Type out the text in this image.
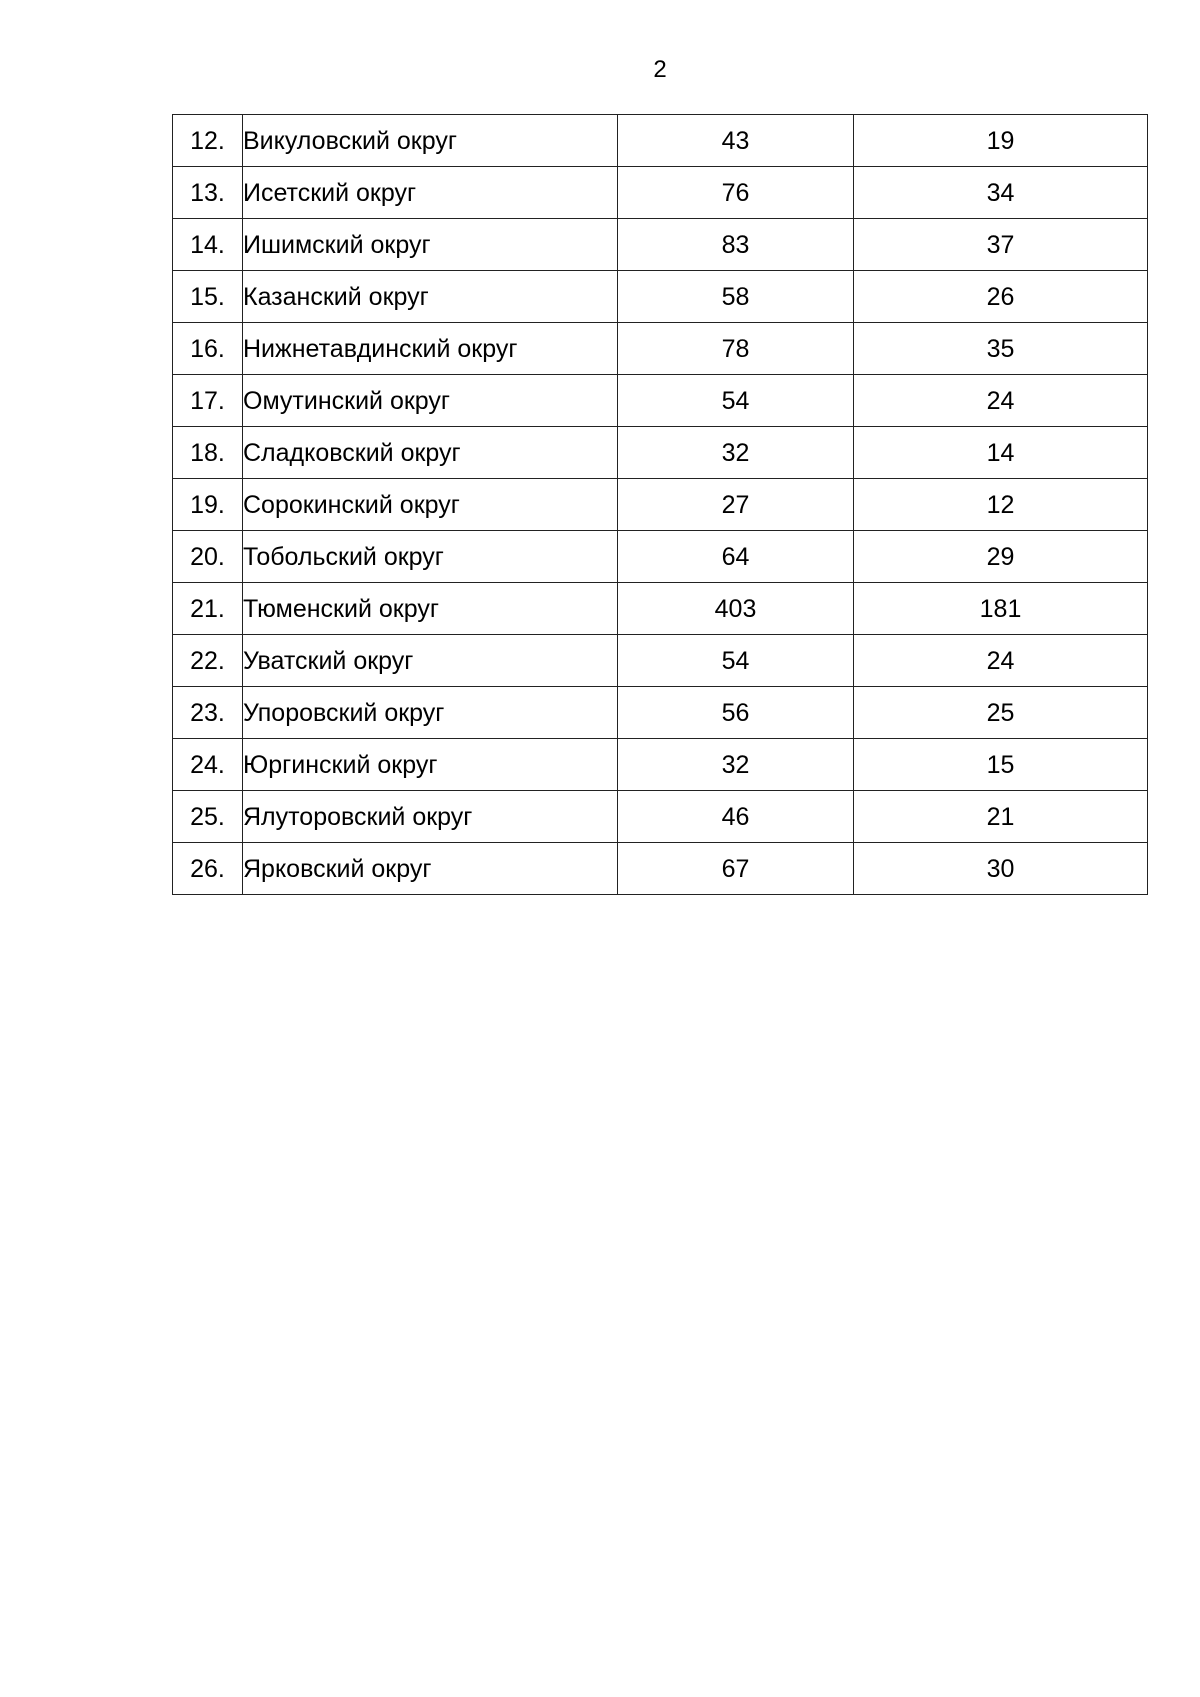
2
12.	Викуловский округ	43	19
13.	Исетский округ	76	34
14.	Ишимский округ	83	37
15.	Казанский округ	58	26
16.	Нижнетавдинский округ	78	35
17.	Омутинский округ	54	24
18.	Сладковский округ	32	14
19.	Сорокинский округ	27	12
20.	Тобольский округ	64	29
21.	Тюменский округ	403	181
22.	Уватский округ	54	24
23.	Упоровский округ	56	25
24.	Юргинский округ	32	15
25.	Ялуторовский округ	46	21
26.	Ярковский округ	67	30
